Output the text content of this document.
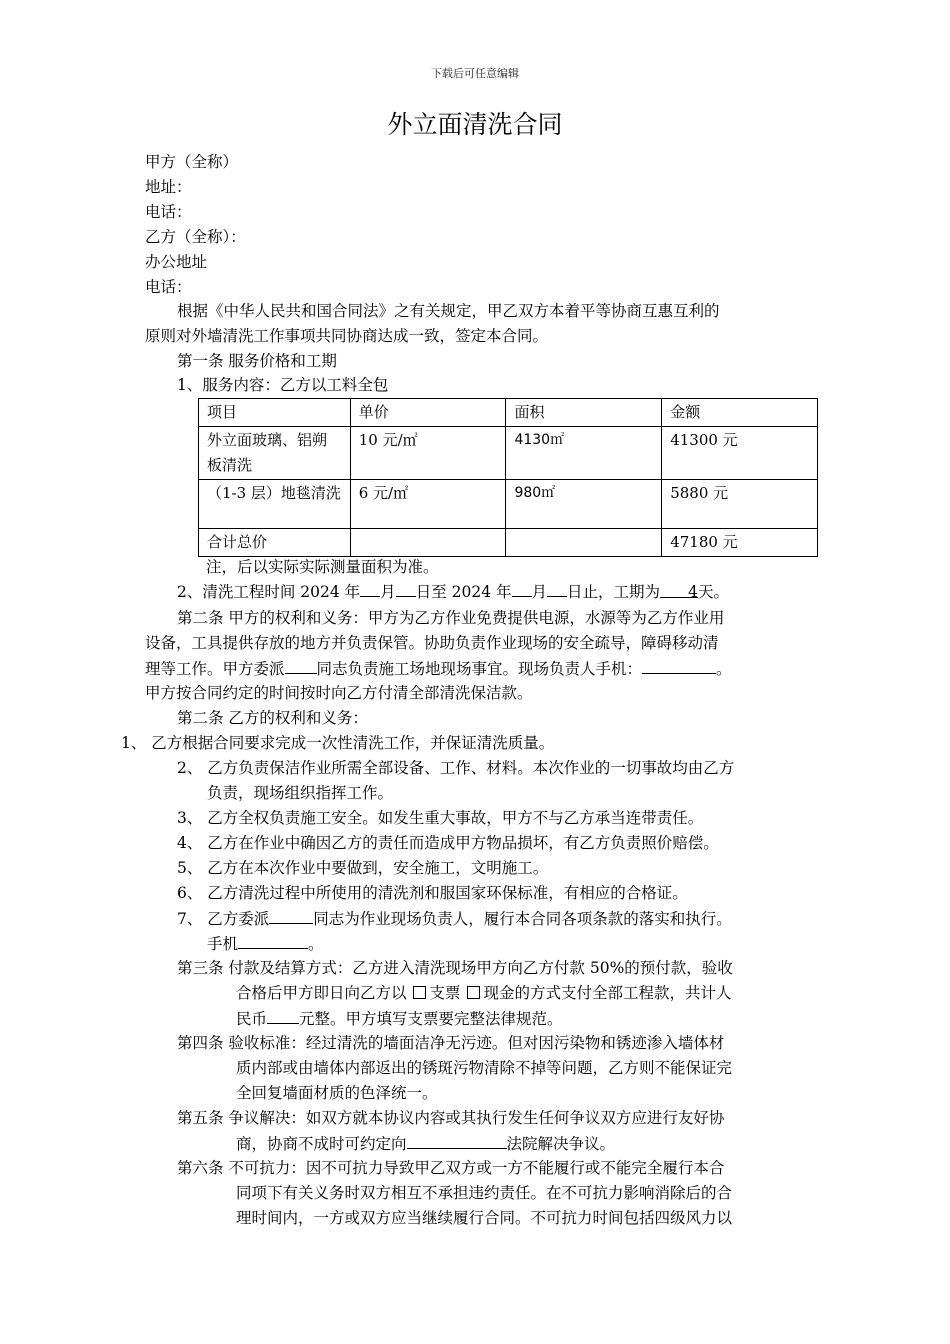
下载后可任意编辑
外立面清洗合同
甲方（全称）
地址：
电话：
乙方（全称）：
办公地址
电话：
根据《中华人民共和国合同法》之有关规定，甲乙双方本着平等协商互惠互利的
原则对外墙清洗工作事项共同协商达成一致，签定本合同。
第一条 服务价格和工期
1、服务内容：乙方以工料全包
项目	单价	面积	金额
外立面玻璃、铝朔板清洗	10 元/㎡	4130㎡	41300 元
（1-3 层）地毯清洗	6 元/㎡	980㎡	5880 元
合计总价			47180 元
注，后以实际实际测量面积为准。
2、清洗工程时间 2024 年 月 日至 2024 年 月 日止，工期为 4天。
第二条 甲方的权利和义务：甲方为乙方作业免费提供电源，水源等为乙方作业用
设备，工具提供存放的地方并负责保管。协助负责作业现场的安全疏导，障碍移动清
理等工作。甲方委派 同志负责施工场地现场事宜。现场负责人手机：	。
甲方按合同约定的时间按时向乙方付清全部清洗保洁款。
第二条 乙方的权利和义务：
1、 乙方根据合同要求完成一次性清洗工作，并保证清洗质量。
2、 乙方负责保洁作业所需全部设备、工作、材料。本次作业的一切事故均由乙方
负责，现场组织指挥工作。
3、 乙方全权负责施工安全。如发生重大事故，甲方不与乙方承当连带责任。
4、 乙方在作业中确因乙方的责任而造成甲方物品损坏，有乙方负责照价赔偿。
5、 乙方在本次作业中要做到，安全施工，文明施工。
6、 乙方清洗过程中所使用的清洗剂和服国家环保标准，有相应的合格证。
7、 乙方委派	同志为作业现场负责人，履行本合同各项条款的落实和执行。
手机	。
第三条 付款及结算方式：乙方进入清洗现场甲方向乙方付款 50%的预付款，验收
合格后甲方即日向乙方以 支票 现金的方式支付全部工程款，共计人
民币 元整。甲方填写支票要完整法律规范。
第四条 验收标准：经过清洗的墙面洁净无污迹。但对因污染物和锈迹渗入墙体材
质内部或由墙体内部返出的锈斑污物清除不掉等问题，乙方则不能保证完
全回复墙面材质的色泽统一。
第五条 争议解决：如双方就本协议内容或其执行发生任何争议双方应进行友好协
商，协商不成时可约定向	法院解决争议。
第六条 不可抗力：因不可抗力导致甲乙双方或一方不能履行或不能完全履行本合
同项下有关义务时双方相互不承担违约责任。在不可抗力影响消除后的合
理时间内，一方或双方应当继续履行合同。不可抗力时间包括四级风力以
